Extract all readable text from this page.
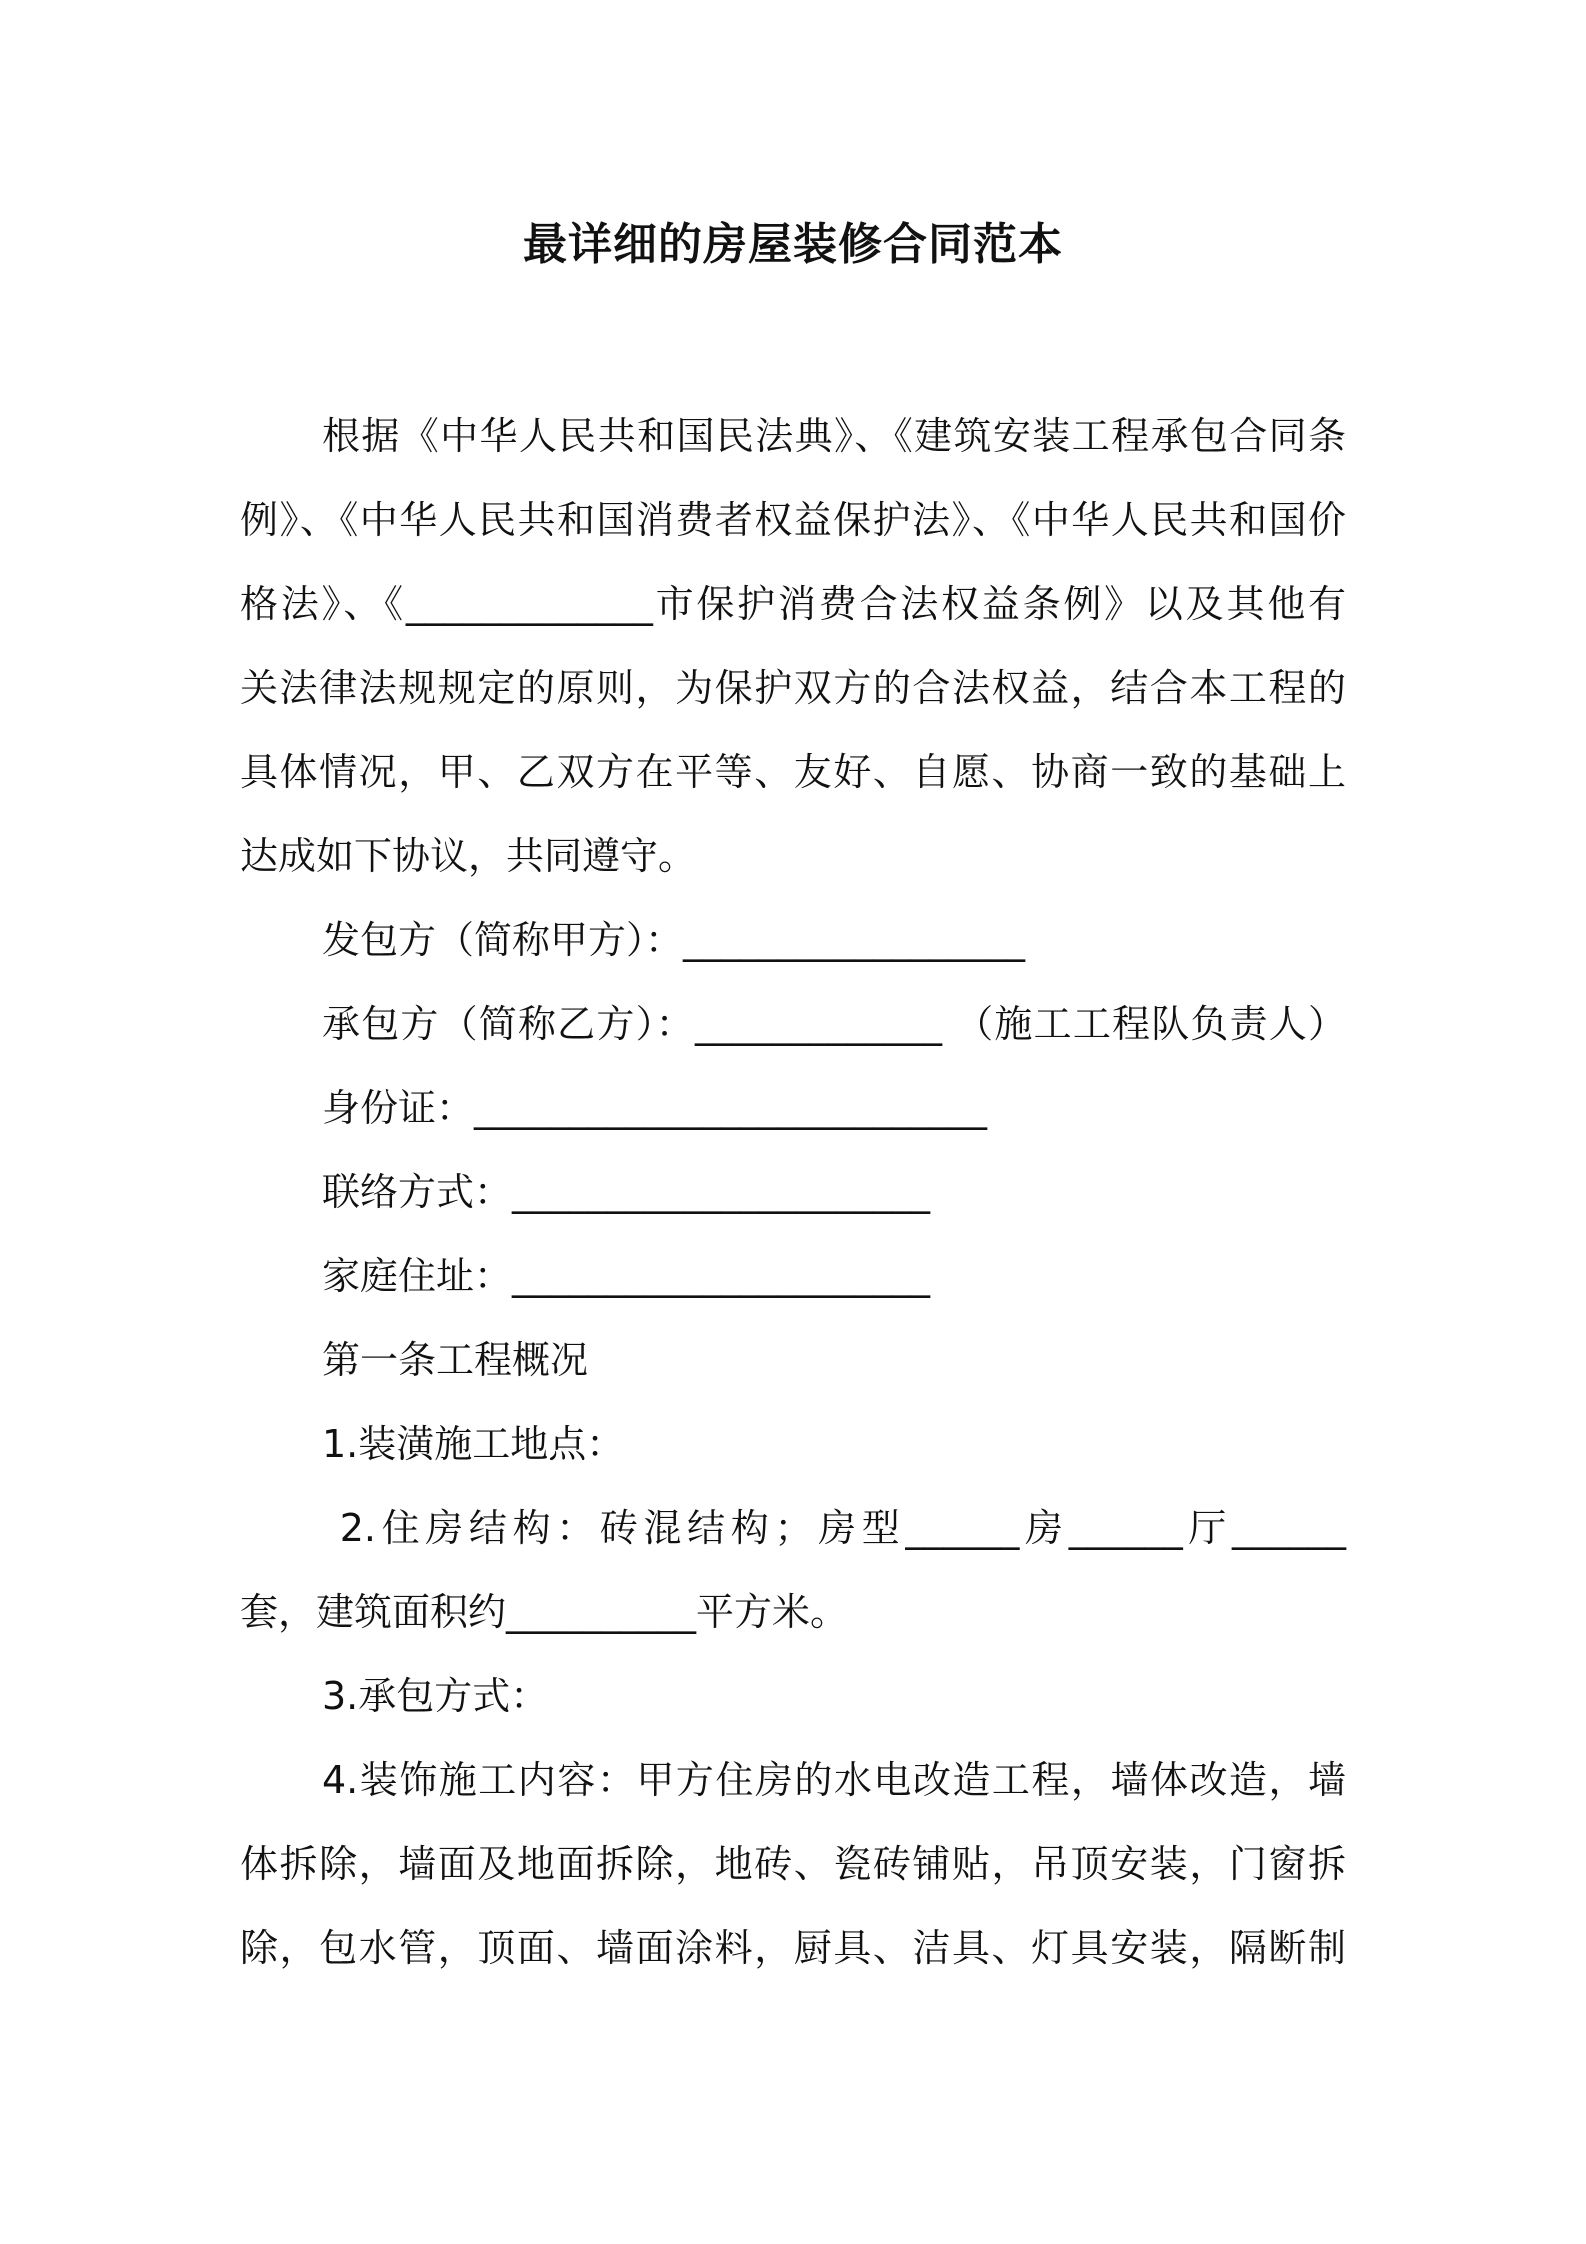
最详细的房屋装修合同范本
根据《中华人民共和国民法典》、《建筑安装工程承包合同条
例》、《中华人民共和国消费者权益保护法》、《中华人民共和国价
格法》、《_____________市保护消费合法权益条例》以及其他有
关法律法规规定的原则，为保护双方的合法权益，结合本工程的
具体情况，甲、乙双方在平等、友好、自愿、协商一致的基础上
达成如下协议，共同遵守。
发包方（简称甲方）：__________________
承包方（简称乙方）：_____________ （施工工程队负责人）
身份证：___________________________
联络方式：______________________
家庭住址：______________________
第一条工程概况
1.装潢施工地点：
2.住房结构：砖混结构；房型______房______厅______
套，建筑面积约__________平方米。
3.承包方式：
4.装饰施工内容：甲方住房的水电改造工程，墙体改造，墙
体拆除，墙面及地面拆除，地砖、瓷砖铺贴，吊顶安装，门窗拆
除，包水管，顶面、墙面涂料，厨具、洁具、灯具安装，隔断制
